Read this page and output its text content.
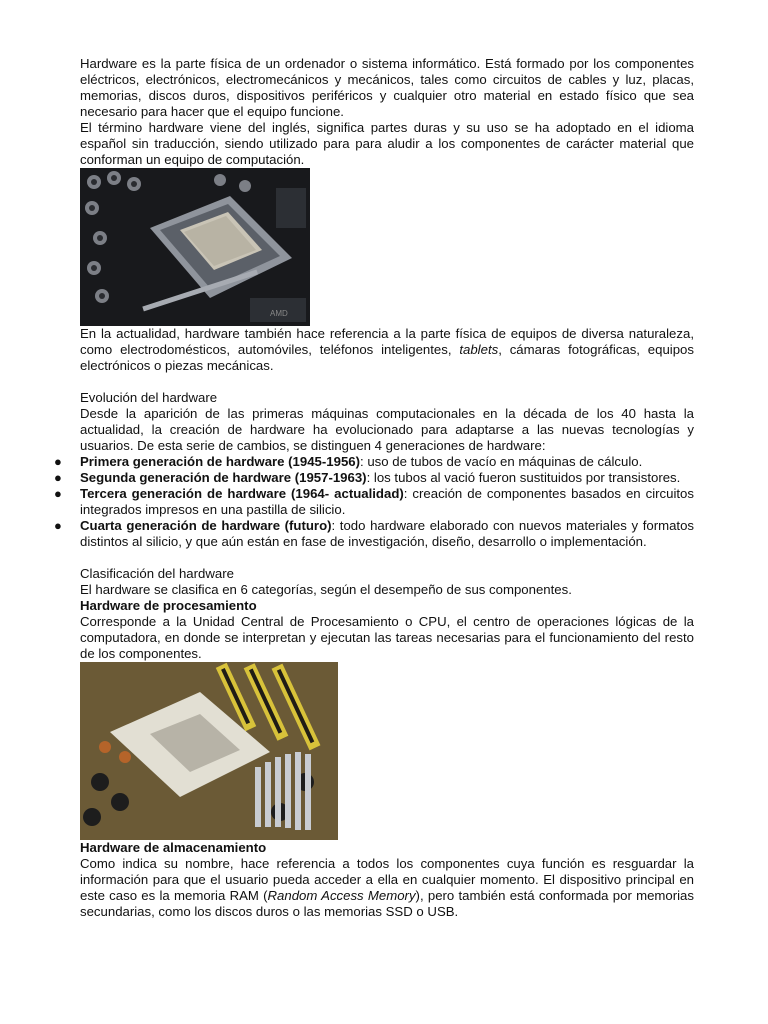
Hardware es la parte física de un ordenador o sistema informático. Está formado por los componentes eléctricos, electrónicos, electromecánicos y mecánicos, tales como circuitos de cables y luz, placas, memorias, discos duros, dispositivos periféricos y cualquier otro material en estado físico que sea necesario para hacer que el equipo funcione.

El término hardware viene del inglés, significa partes duras y su uso se ha adoptado en el idioma español sin traducción, siendo utilizado para para aludir a los componentes de carácter material que conforman un equipo de computación.

AMD

En la actualidad, hardware también hace referencia a la parte física de equipos de diversa naturaleza, como electrodomésticos, automóviles, teléfonos inteligentes, tablets, cámaras fotográficas, equipos electrónicos o piezas mecánicas.

Evolución del hardware

Desde la aparición de las primeras máquinas computacionales en la década de los 40 hasta la actualidad, la creación de hardware ha evolucionado para adaptarse a las nuevas tecnologías y usuarios. De esta serie de cambios, se distinguen 4 generaciones de hardware:

● Primera generación de hardware (1945-1956): uso de tubos de vacío en máquinas de cálculo.
● Segunda generación de hardware (1957-1963): los tubos al vació fueron sustituidos por transistores.
● Tercera generación de hardware (1964- actualidad): creación de componentes basados en circuitos integrados impresos en una pastilla de silicio.
● Cuarta generación de hardware (futuro): todo hardware elaborado con nuevos materiales y formatos distintos al silicio, y que aún están en fase de investigación, diseño, desarrollo o implementación.

Clasificación del hardware

El hardware se clasifica en 6 categorías, según el desempeño de sus componentes.

Hardware de procesamiento

Corresponde a la Unidad Central de Procesamiento o CPU, el centro de operaciones lógicas de la computadora, en donde se interpretan y ejecutan las tareas necesarias para el funcionamiento del resto de los componentes.

Hardware de almacenamiento

Como indica su nombre, hace referencia a todos los componentes cuya función es resguardar la información para que el usuario pueda acceder a ella en cualquier momento. El dispositivo principal en este caso es la memoria RAM (Random Access Memory), pero también está conformada por memorias secundarias, como los discos duros o las memorias SSD o USB.
